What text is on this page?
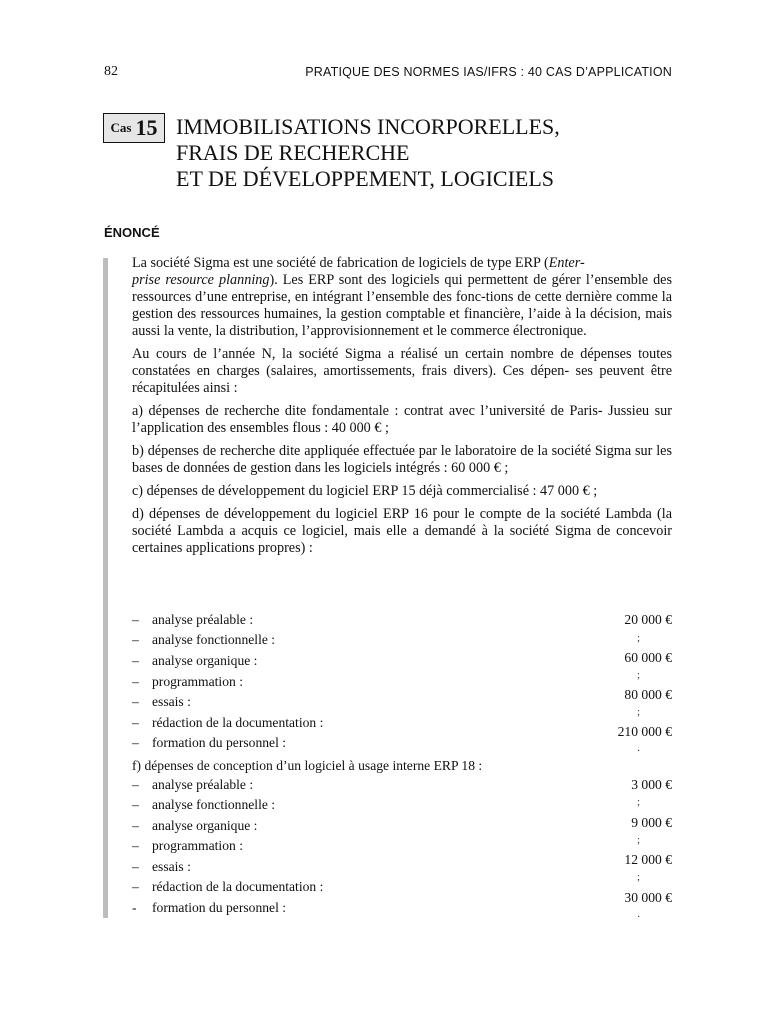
82	PRATIQUE DES NORMES IAS/IFRS : 40 CAS D’APPLICATION
Cas 15 IMMOBILISATIONS INCORPORELLES,
FRAIS DE RECHERCHE
ET DE DÉVELOPPEMENT, LOGICIELS
ÉNONCÉ

La société Sigma est une société de fabrication de logiciels de type ERP (Enter-
prise resource planning). Les ERP sont des logiciels qui permettent de gérer l’ensemble des ressources d’une entreprise, en intégrant l’ensemble des fonc-tions de cette dernière comme la gestion des ressources humaines, la gestion comptable et financière, l’aide à la décision, mais aussi la vente, la distribution, l’approvisionnement et le commerce électronique.

Au cours de l’année N, la société Sigma a réalisé un certain nombre de dépenses toutes constatées en charges (salaires, amortissements, frais divers). Ces dépen- ses peuvent être récapitulées ainsi :

a) dépenses de recherche dite fondamentale : contrat avec l’université de Paris- Jussieu sur l’application des ensembles flous : 40 000 € ;

b) dépenses de recherche dite appliquée effectuée par le laboratoire de la société Sigma sur les bases de données de gestion dans les logiciels intégrés : 60 000 € ;

c) dépenses de développement du logiciel ERP 15 déjà commercialisé : 47 000 € ;

d) dépenses de développement du logiciel ERP 16 pour le compte de la société Lambda (la société Lambda a acquis ce logiciel, mais elle a demandé à la société Sigma de concevoir certaines applications propres) :

– analyse préalable :
– analyse fonctionnelle :
– analyse organique :
– programmation :
– essais :
– rédaction de la documentation :
– formation du personnel :
20 000 €
;
60 000 €
;
80 000 €
;
210 000 €
.
f) dépenses de conception d’un logiciel à usage interne ERP 18 :
– analyse préalable :
– analyse fonctionnelle :
– analyse organique :
– programmation :
– essais :
– rédaction de la documentation :
- formation du personnel :
3 000 €
;
9 000 €
;
12 000 €
;
30 000 €
.
